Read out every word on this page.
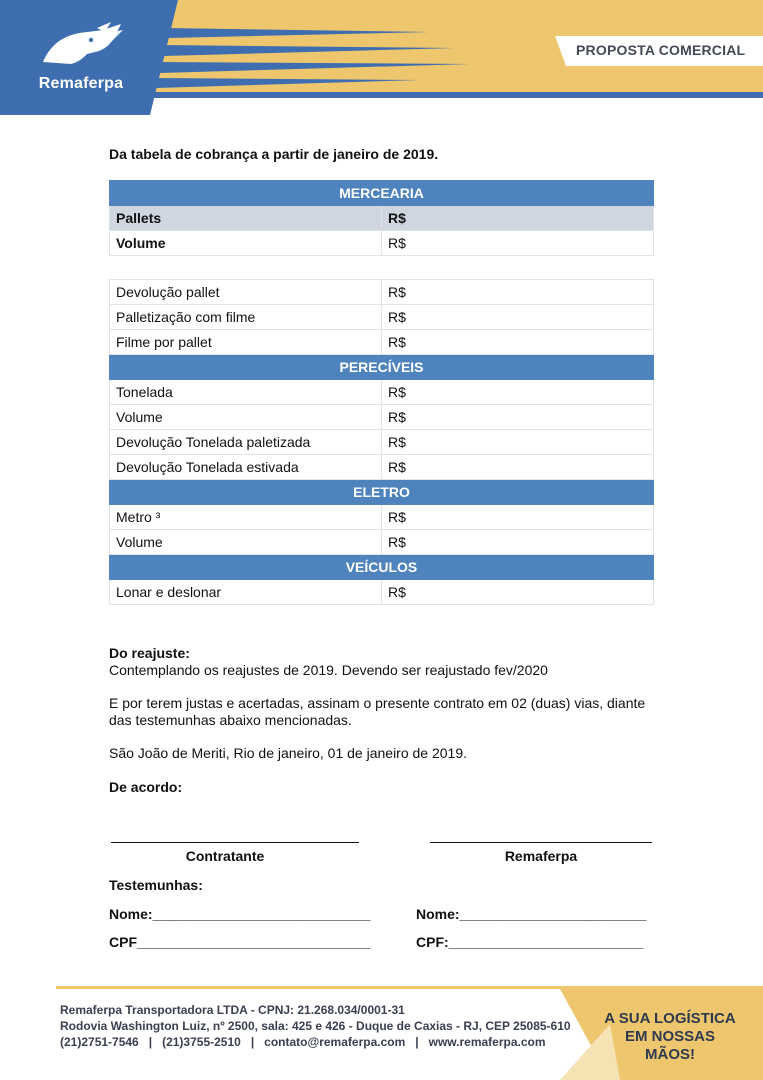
Remaferpa
PROPOSTA COMERCIAL
Da tabela de cobrança a partir de janeiro de 2019.
MERCEARIA	
Pallets	R$
Volume	R$
Devolução pallet	R$
Palletização com filme	R$
Filme por pallet	R$
PERECÍVEIS	
Tonelada	R$
Volume	R$
Devolução Tonelada paletizada	R$
Devolução Tonelada estivada	R$
ELETRO	
Metro ³	R$
Volume	R$
VEÍCULOS	
Lonar e deslonar	R$
Do reajuste:
Contemplando os reajustes de 2019. Devendo ser reajustado fev/2020
E por terem justas e acertadas, assinam o presente contrato em 02 (duas) vias, diante
das testemunhas abaixo mencionadas.
São João de Meriti, Rio de janeiro, 01 de janeiro de 2019.
De acordo:
Contratante	Remaferpa
Testemunhas:
Nome:____________________________
CPF______________________________
Nome:________________________
CPF:_________________________
Remaferpa Transportadora LTDA - CPNJ: 21.268.034/0001-31
Rodovia Washington Luiz, nº 2500, sala: 425 e 426 - Duque de Caxias - RJ, CEP 25085-610
(21)2751-7546   |   (21)3755-2510   |   contato@remaferpa.com   |   www.remaferpa.com
A SUA LOGÍSTICA
EM NOSSAS MÃOS!
